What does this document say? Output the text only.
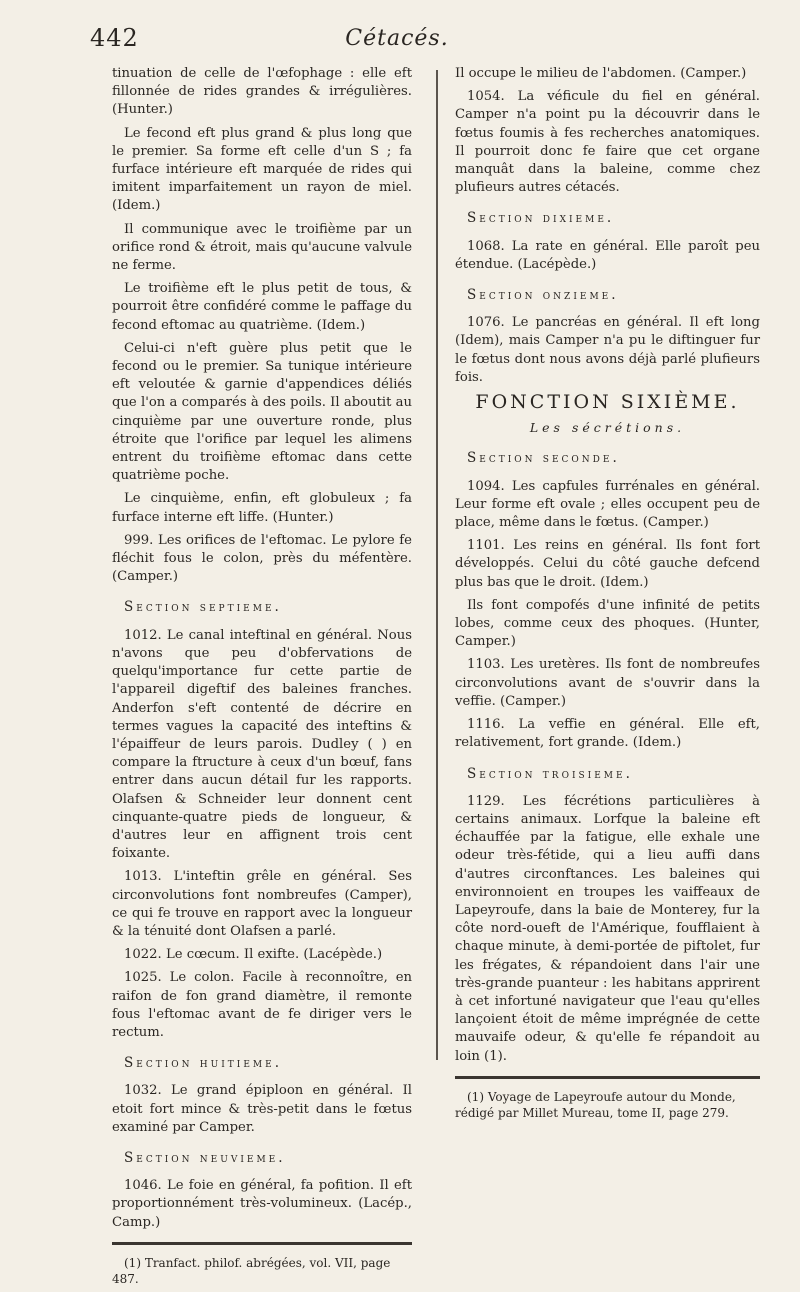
442	Cétacés.

tinuation de celle de l'œfophage : elle eft fillonnée de rides grandes & irrégulières. (Hunter.)

Le fecond eft plus grand & plus long que le premier. Sa forme eft celle d'un S ; fa furface intérieure eft marquée de rides qui imitent imparfaitement un rayon de miel. (Idem.)

Il communique avec le troifième par un orifice rond & étroit, mais qu'aucune valvule ne ferme.

Le troifième eft le plus petit de tous, & pourroit être confidéré comme le paffage du fecond eftomac au quatrième. (Idem.)

Celui-ci n'eft guère plus petit que le fecond ou le premier. Sa tunique intérieure eft veloutée & garnie d'appendices déliés que l'on a comparés à des poils. Il aboutit au cinquième par une ouverture ronde, plus étroite que l'orifice par lequel les alimens entrent du troifième eftomac dans cette quatrième poche.

Le cinquième, enfin, eft globuleux ; fa furface interne eft liffe. (Hunter.)

999. Les orifices de l'eftomac. Le pylore fe fléchit fous le colon, près du méfentère. (Camper.)

Section septieme.

1012. Le canal inteftinal en général. Nous n'avons que peu d'obfervations de quelqu'importance fur cette partie de l'appareil digeftif des baleines franches. Anderfon s'eft contenté de décrire en termes vagues la capacité des inteftins & l'épaiffeur de leurs parois. Dudley ( ) en compare la ftructure à ceux d'un bœuf, fans entrer dans aucun détail fur les rapports. Olafsen & Schneider leur donnent cent cinquante-quatre pieds de longueur, & d'autres leur en affignent trois cent foixante.

1013. L'inteftin grêle en général. Ses circonvolutions font nombreufes (Camper), ce qui fe trouve en rapport avec la longueur & la ténuité dont Olafsen a parlé.

1022. Le cœcum. Il exifte. (Lacépède.)

1025. Le colon. Facile à reconnoître, en raifon de fon grand diamètre, il remonte fous l'eftomac avant de fe diriger vers le rectum.

Section huitieme.

1032. Le grand épiploon en général. Il etoit fort mince & très-petit dans le fœtus examiné par Camper.

Section neuvieme.

1046. Le foie en général, fa pofition. Il eft proportionnément très-volumineux. (Lacép., Camp.)

(1) Tranfact. philof. abrégées, vol. VII, page 487.

Il occupe le milieu de l'abdomen. (Camper.)

1054. La véficule du fiel en général. Camper n'a point pu la découvrir dans le fœtus foumis à fes recherches anatomiques. Il pourroit donc fe faire que cet organe manquât dans la baleine, comme chez plufieurs autres cétacés.

Section dixieme.

1068. La rate en général. Elle paroît peu étendue. (Lacépède.)

Section onzieme.

1076. Le pancréas en général. Il eft long (Idem), mais Camper n'a pu le diftinguer fur le fœtus dont nous avons déjà parlé plufieurs fois.

FONCTION SIXIÈME.
Les sécrétions.
Section seconde.

1094. Les capfules furrénales en général. Leur forme eft ovale ; elles occupent peu de place, même dans le fœtus. (Camper.)

1101. Les reins en général. Ils font fort développés. Celui du côté gauche defcend plus bas que le droit. (Idem.)

Ils font compofés d'une infinité de petits lobes, comme ceux des phoques. (Hunter, Camper.)

1103. Les uretères. Ils font de nombreufes circonvolutions avant de s'ouvrir dans la veffie. (Camper.)

1116. La veffie en général. Elle eft, relativement, fort grande. (Idem.)

Section troisieme.

1129. Les fécrétions particulières à certains animaux. Lorfque la baleine eft échauffée par la fatigue, elle exhale une odeur très-fétide, qui a lieu auffi dans d'autres circonftances. Les baleines qui environnoient en troupes les vaiffeaux de Lapeyroufe, dans la baie de Monterey, fur la côte nord-oueft de l'Amérique, foufflaient à chaque minute, à demi-portée de piftolet, fur les frégates, & répandoient dans l'air une très-grande puanteur : les habitans apprirent à cet infortuné navigateur que l'eau qu'elles lançoient étoit de même imprégnée de cette mauvaife odeur, & qu'elle fe répandoit au loin (1).

(1) Voyage de Lapeyroufe autour du Monde, rédigé par Millet Mureau, tome II, page 279.
